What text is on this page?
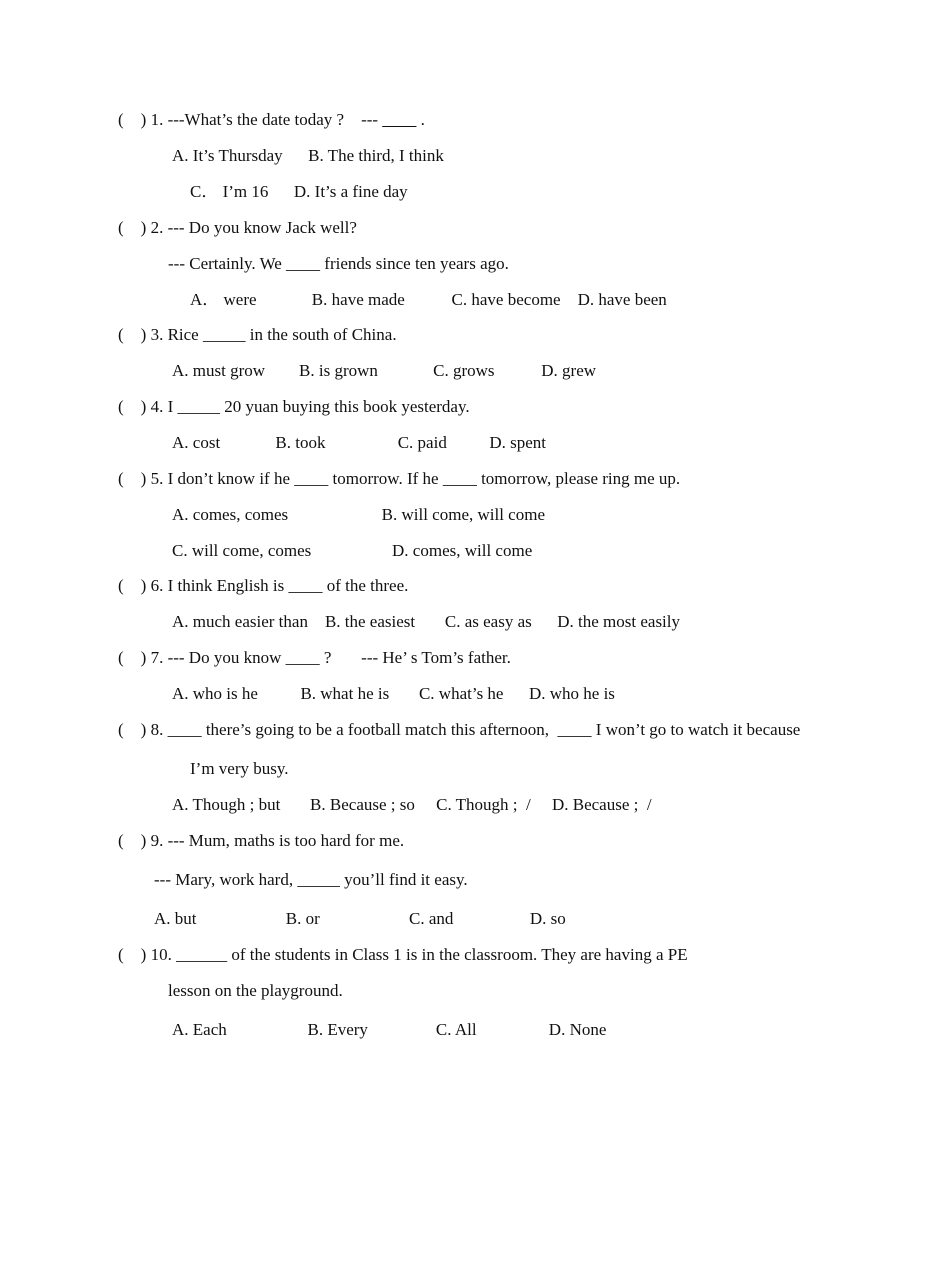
(    ) 1. ---What’s the date today ?    --- ____ .
A. It’s Thursday      B. The third, I think
C． I’m 16      D. It’s a fine day
(    ) 2. --- Do you know Jack well?
--- Certainly. We ____ friends since ten years ago.
A． were             B. have made           C. have become    D. have been
(    ) 3. Rice _____ in the south of China.
A. must grow        B. is grown             C. grows           D. grew
(    ) 4. I _____ 20 yuan buying this book yesterday.
A. cost             B. took                 C. paid          D. spent
(    ) 5. I don’t know if he ____ tomorrow. If he ____ tomorrow, please ring me up.
A. comes, comes                      B. will come, will come
C. will come, comes                   D. comes, will come
(    ) 6. I think English is ____ of the three.
A. much easier than    B. the easiest       C. as easy as      D. the most easily
(    ) 7. --- Do you know ____ ?       --- He’ s Tom’s father.
A. who is he          B. what he is       C. what’s he      D. who he is
(    ) 8. ____ there’s going to be a football match this afternoon,  ____ I won’t go to watch it because
I’m very busy.
A. Though ; but       B. Because ; so     C. Though ;  /     D. Because ;  /
(    ) 9. --- Mum, maths is too hard for me.
--- Mary, work hard, _____ you’ll find it easy.
A. but                     B. or                     C. and                  D. so
(    ) 10. ______ of the students in Class 1 is in the classroom. They are having a PE
lesson on the playground.
A. Each                   B. Every                C. All                 D. None
